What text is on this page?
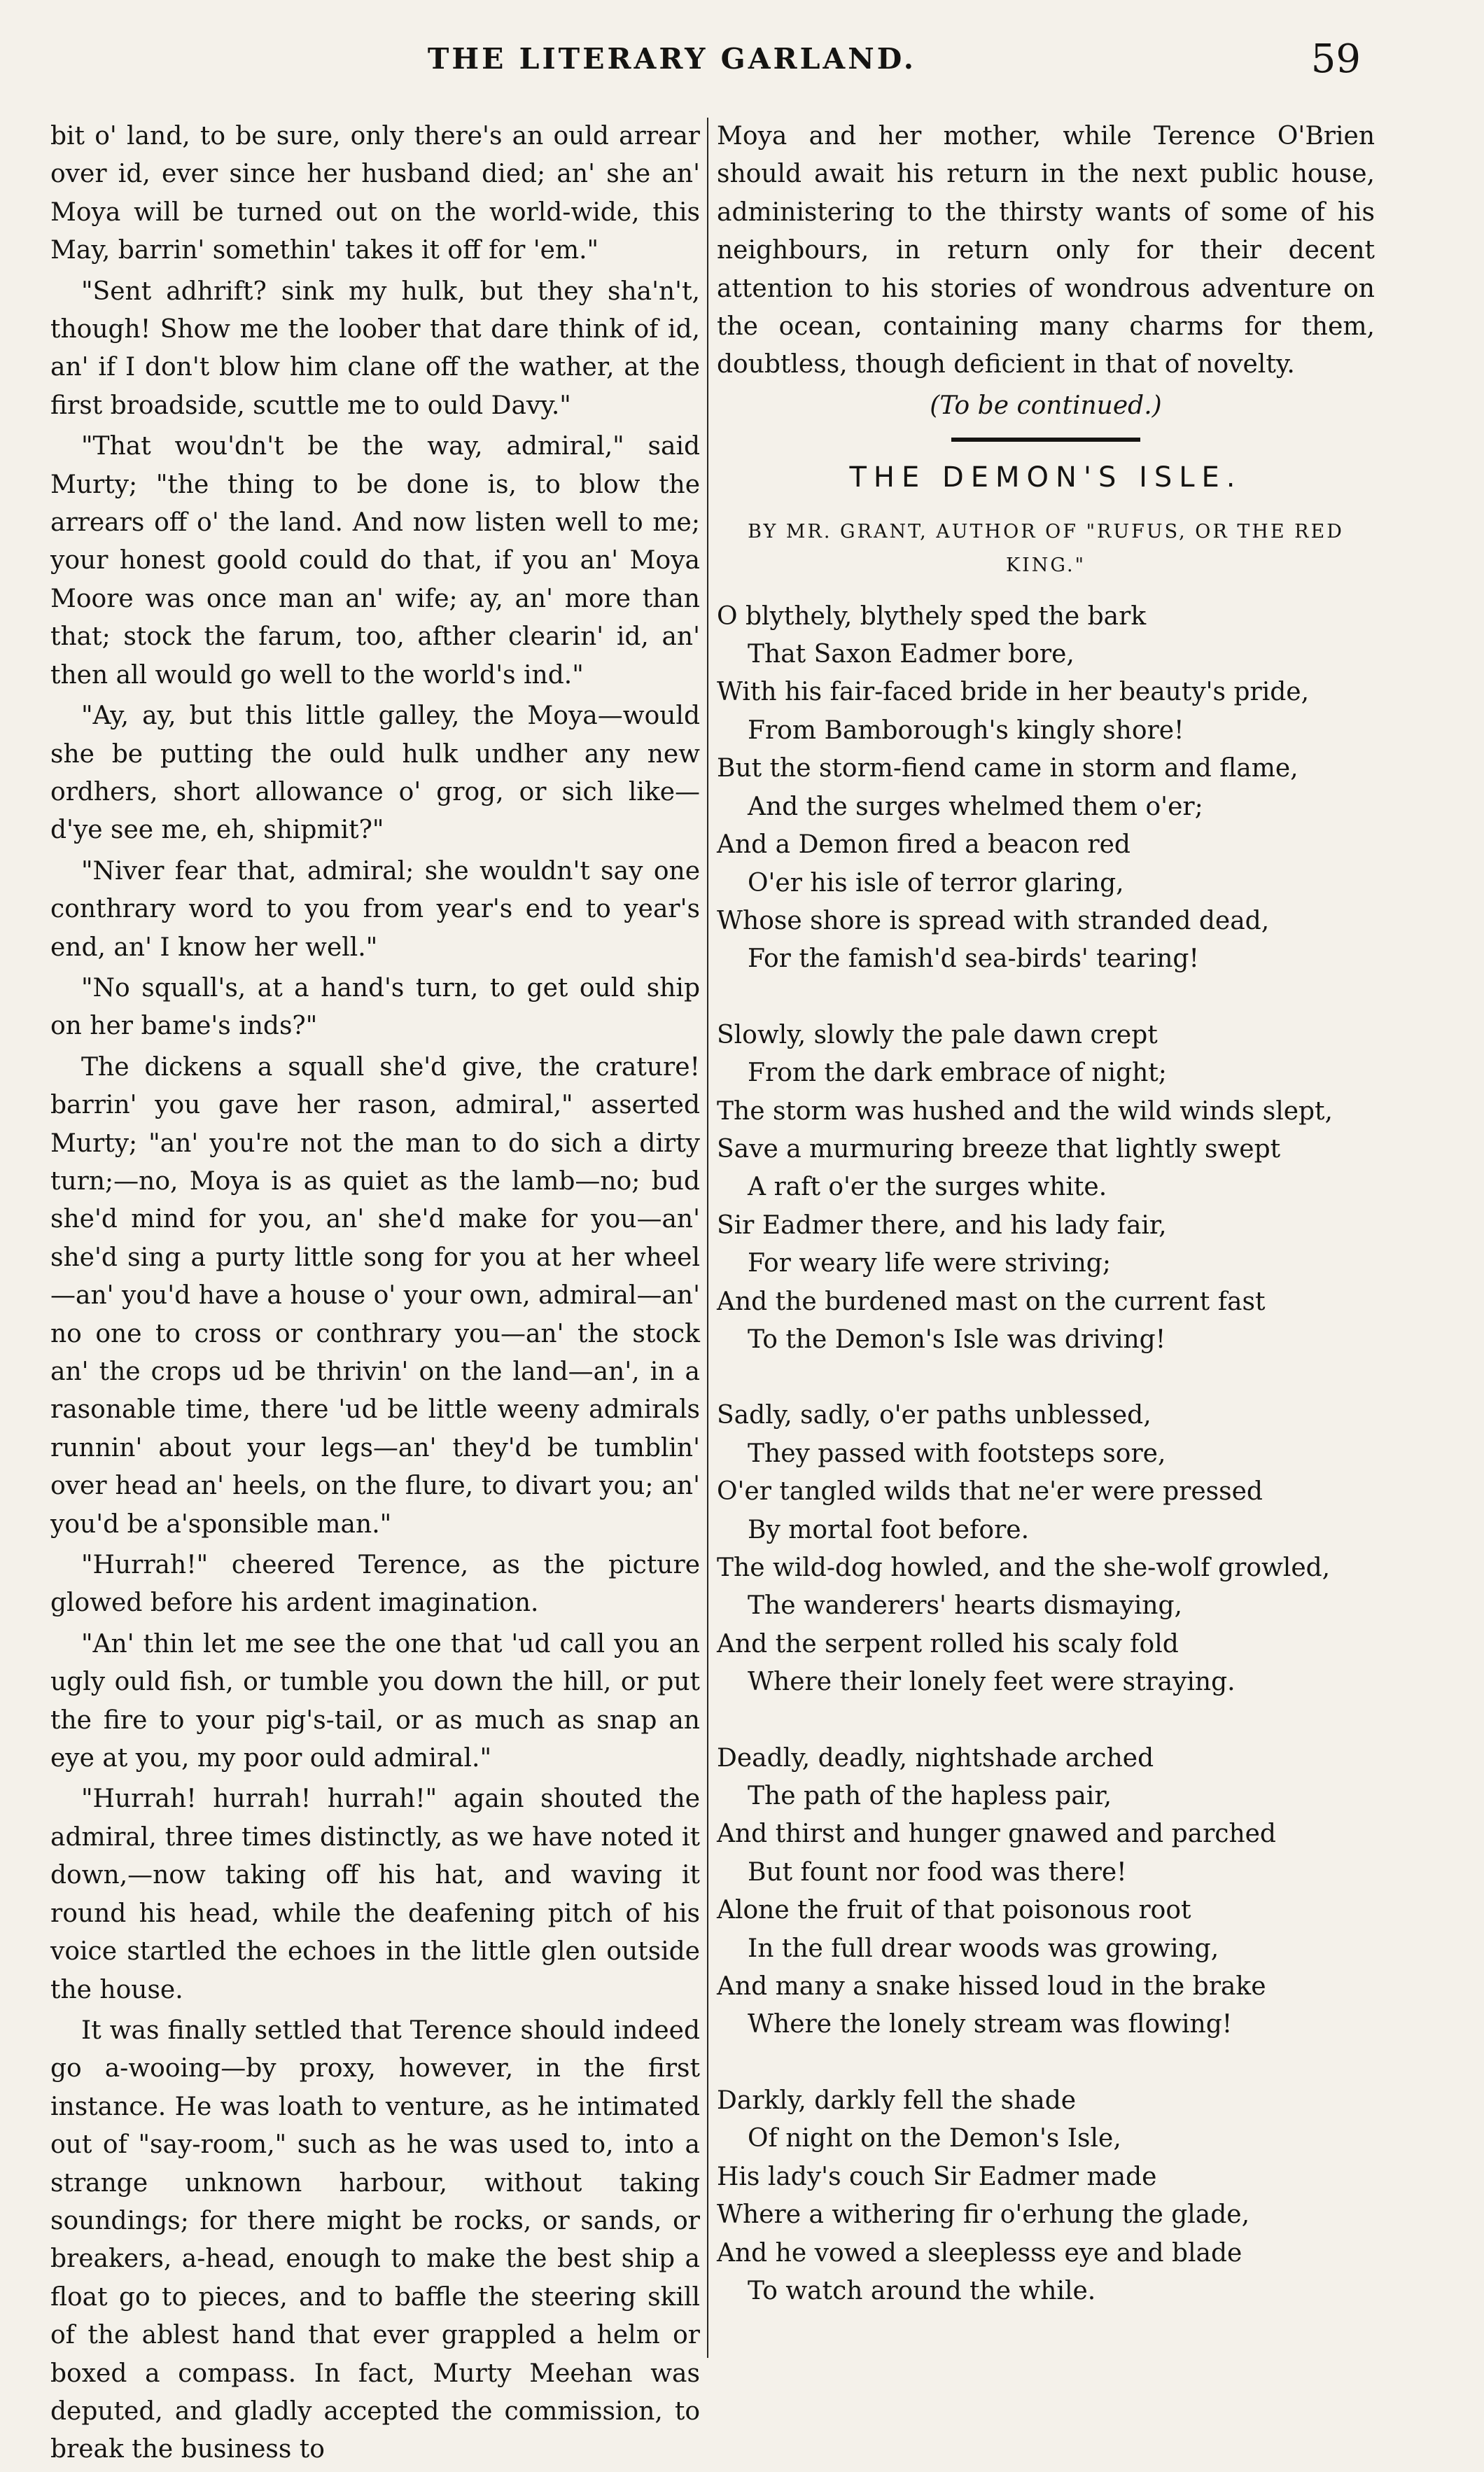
THE LITERARY GARLAND.	59

bit o' land, to be sure, only there's an ould arrear over id, ever since her husband died; an' she an' Moya will be turned out on the world-wide, this May, barrin' somethin' takes it off for 'em."

"Sent adhrift? sink my hulk, but they sha'n't, though! Show me the loober that dare think of id, an' if I don't blow him clane off the wather, at the first broadside, scuttle me to ould Davy."

"That wou'dn't be the way, admiral," said Murty; "the thing to be done is, to blow the arrears off o' the land. And now listen well to me; your honest goold could do that, if you an' Moya Moore was once man an' wife; ay, an' more than that; stock the farum, too, afther clearin' id, an' then all would go well to the world's ind."

"Ay, ay, but this little galley, the Moya—would she be putting the ould hulk undher any new ordhers, short allowance o' grog, or sich like—d'ye see me, eh, shipmit?"

"Niver fear that, admiral; she wouldn't say one conthrary word to you from year's end to year's end, an' I know her well."

"No squall's, at a hand's turn, to get ould ship on her bame's inds?"

The dickens a squall she'd give, the crature! barrin' you gave her rason, admiral," asserted Murty; "an' you're not the man to do sich a dirty turn;—no, Moya is as quiet as the lamb—no; bud she'd mind for you, an' she'd make for you—an' she'd sing a purty little song for you at her wheel—an' you'd have a house o' your own, admiral—an' no one to cross or conthrary you—an' the stock an' the crops ud be thrivin' on the land—an', in a rasonable time, there 'ud be little weeny admirals runnin' about your legs—an' they'd be tumblin' over head an' heels, on the flure, to divart you; an' you'd be a'sponsible man."

"Hurrah!" cheered Terence, as the picture glowed before his ardent imagination.

"An' thin let me see the one that 'ud call you an ugly ould fish, or tumble you down the hill, or put the fire to your pig's-tail, or as much as snap an eye at you, my poor ould admiral."

"Hurrah! hurrah! hurrah!" again shouted the admiral, three times distinctly, as we have noted it down,—now taking off his hat, and waving it round his head, while the deafening pitch of his voice startled the echoes in the little glen outside the house.

It was finally settled that Terence should indeed go a-wooing—by proxy, however, in the first instance. He was loath to venture, as he intimated out of "say-room," such as he was used to, into a strange unknown harbour, without taking soundings; for there might be rocks, or sands, or breakers, a-head, enough to make the best ship a float go to pieces, and to baffle the steering skill of the ablest hand that ever grappled a helm or boxed a compass. In fact, Murty Meehan was deputed, and gladly accepted the commission, to break the business to

Moya and her mother, while Terence O'Brien should await his return in the next public house, administering to the thirsty wants of some of his neighbours, in return only for their decent attention to his stories of wondrous adventure on the ocean, containing many charms for them, doubtless, though deficient in that of novelty.

(To be continued.)
THE DEMON'S ISLE.
BY MR. GRANT, AUTHOR OF "RUFUS, OR THE RED KING."
O blythely, blythely sped the bark
That Saxon Eadmer bore,
With his fair-faced bride in her beauty's pride,
From Bamborough's kingly shore!
But the storm-fiend came in storm and flame,
And the surges whelmed them o'er;
And a Demon fired a beacon red
O'er his isle of terror glaring,
Whose shore is spread with stranded dead,
For the famish'd sea-birds' tearing!
Slowly, slowly the pale dawn crept
From the dark embrace of night;
The storm was hushed and the wild winds slept,
Save a murmuring breeze that lightly swept
A raft o'er the surges white.
Sir Eadmer there, and his lady fair,
For weary life were striving;
And the burdened mast on the current fast
To the Demon's Isle was driving!
Sadly, sadly, o'er paths unblessed,
They passed with footsteps sore,
O'er tangled wilds that ne'er were pressed
By mortal foot before.
The wild-dog howled, and the she-wolf growled,
The wanderers' hearts dismaying,
And the serpent rolled his scaly fold
Where their lonely feet were straying.
Deadly, deadly, nightshade arched
The path of the hapless pair,
And thirst and hunger gnawed and parched
But fount nor food was there!
Alone the fruit of that poisonous root
In the full drear woods was growing,
And many a snake hissed loud in the brake
Where the lonely stream was flowing!
Darkly, darkly fell the shade
Of night on the Demon's Isle,
His lady's couch Sir Eadmer made
Where a withering fir o'erhung the glade,
And he vowed a sleeplesss eye and blade
To watch around the while.
